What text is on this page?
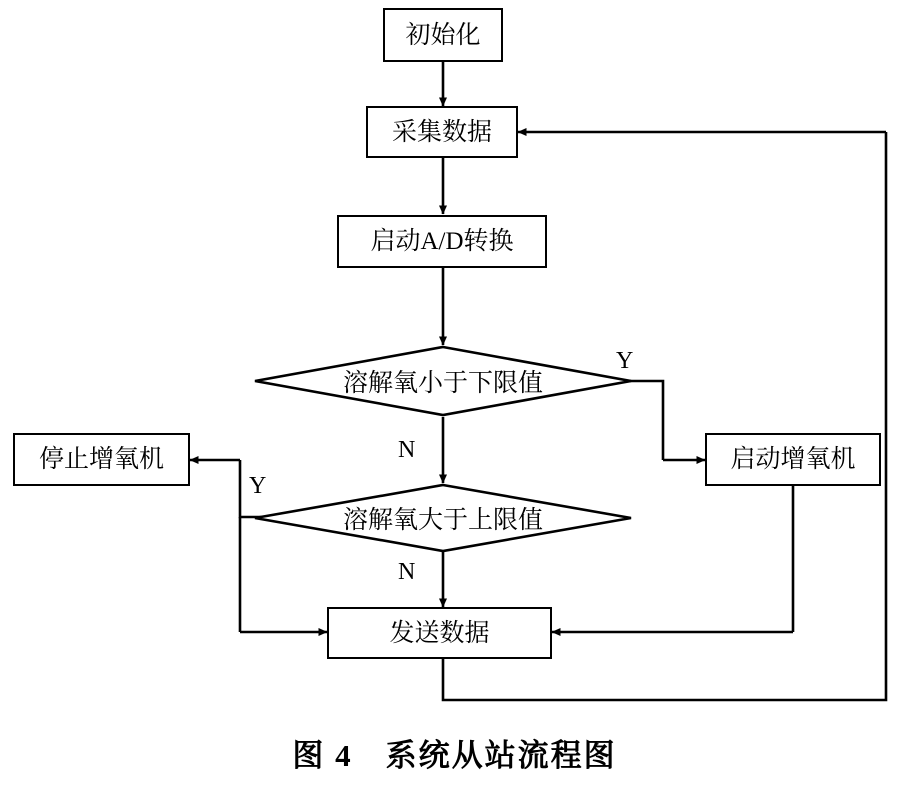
初始化
采集数据
启动A/D转换
启动增氧机
停止增氧机
发送数据
溶解氧小于下限值
溶解氧大于上限值
Y
N
Y
N
图 4　系统从站流程图
